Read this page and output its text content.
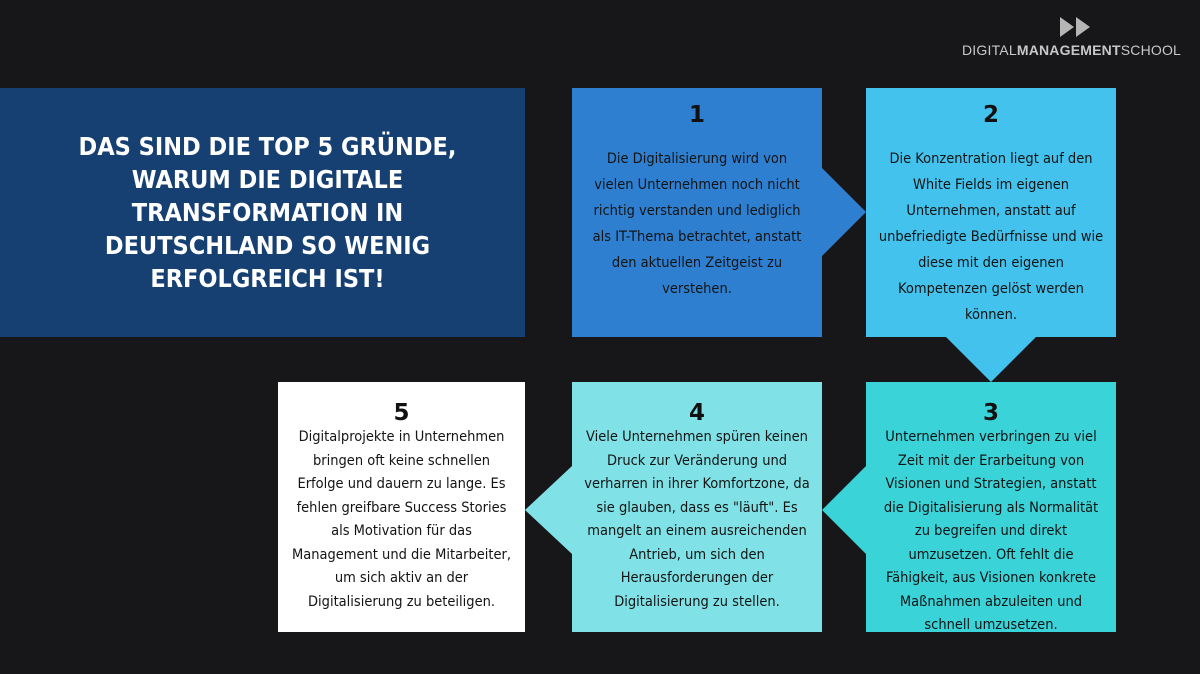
DIGITALMANAGEMENTSCHOOL
DAS SIND DIE TOP 5 GRÜNDE, WARUM DIE DIGITALE TRANSFORMATION IN DEUTSCHLAND SO WENIG ERFOLGREICH IST!
1
Die Digitalisierung wird von vielen Unternehmen noch nicht richtig verstanden und lediglich als IT-Thema betrachtet, anstatt den aktuellen Zeitgeist zu verstehen.
2
Die Konzentration liegt auf den White Fields im eigenen Unternehmen, anstatt auf unbefriedigte Bedürfnisse und wie diese mit den eigenen Kompetenzen gelöst werden können.
3
Unternehmen verbringen zu viel Zeit mit der Erarbeitung von Visionen und Strategien, anstatt die Digitalisierung als Normalität zu begreifen und direkt umzusetzen. Oft fehlt die Fähigkeit, aus Visionen konkrete Maßnahmen abzuleiten und schnell umzusetzen.
4
Viele Unternehmen spüren keinen Druck zur Veränderung und verharren in ihrer Komfortzone, da sie glauben, dass es "läuft". Es mangelt an einem ausreichenden Antrieb, um sich den Herausforderungen der Digitalisierung zu stellen.
5
Digitalprojekte in Unternehmen bringen oft keine schnellen Erfolge und dauern zu lange. Es fehlen greifbare Success Stories als Motivation für das Management und die Mitarbeiter, um sich aktiv an der Digitalisierung zu beteiligen.
